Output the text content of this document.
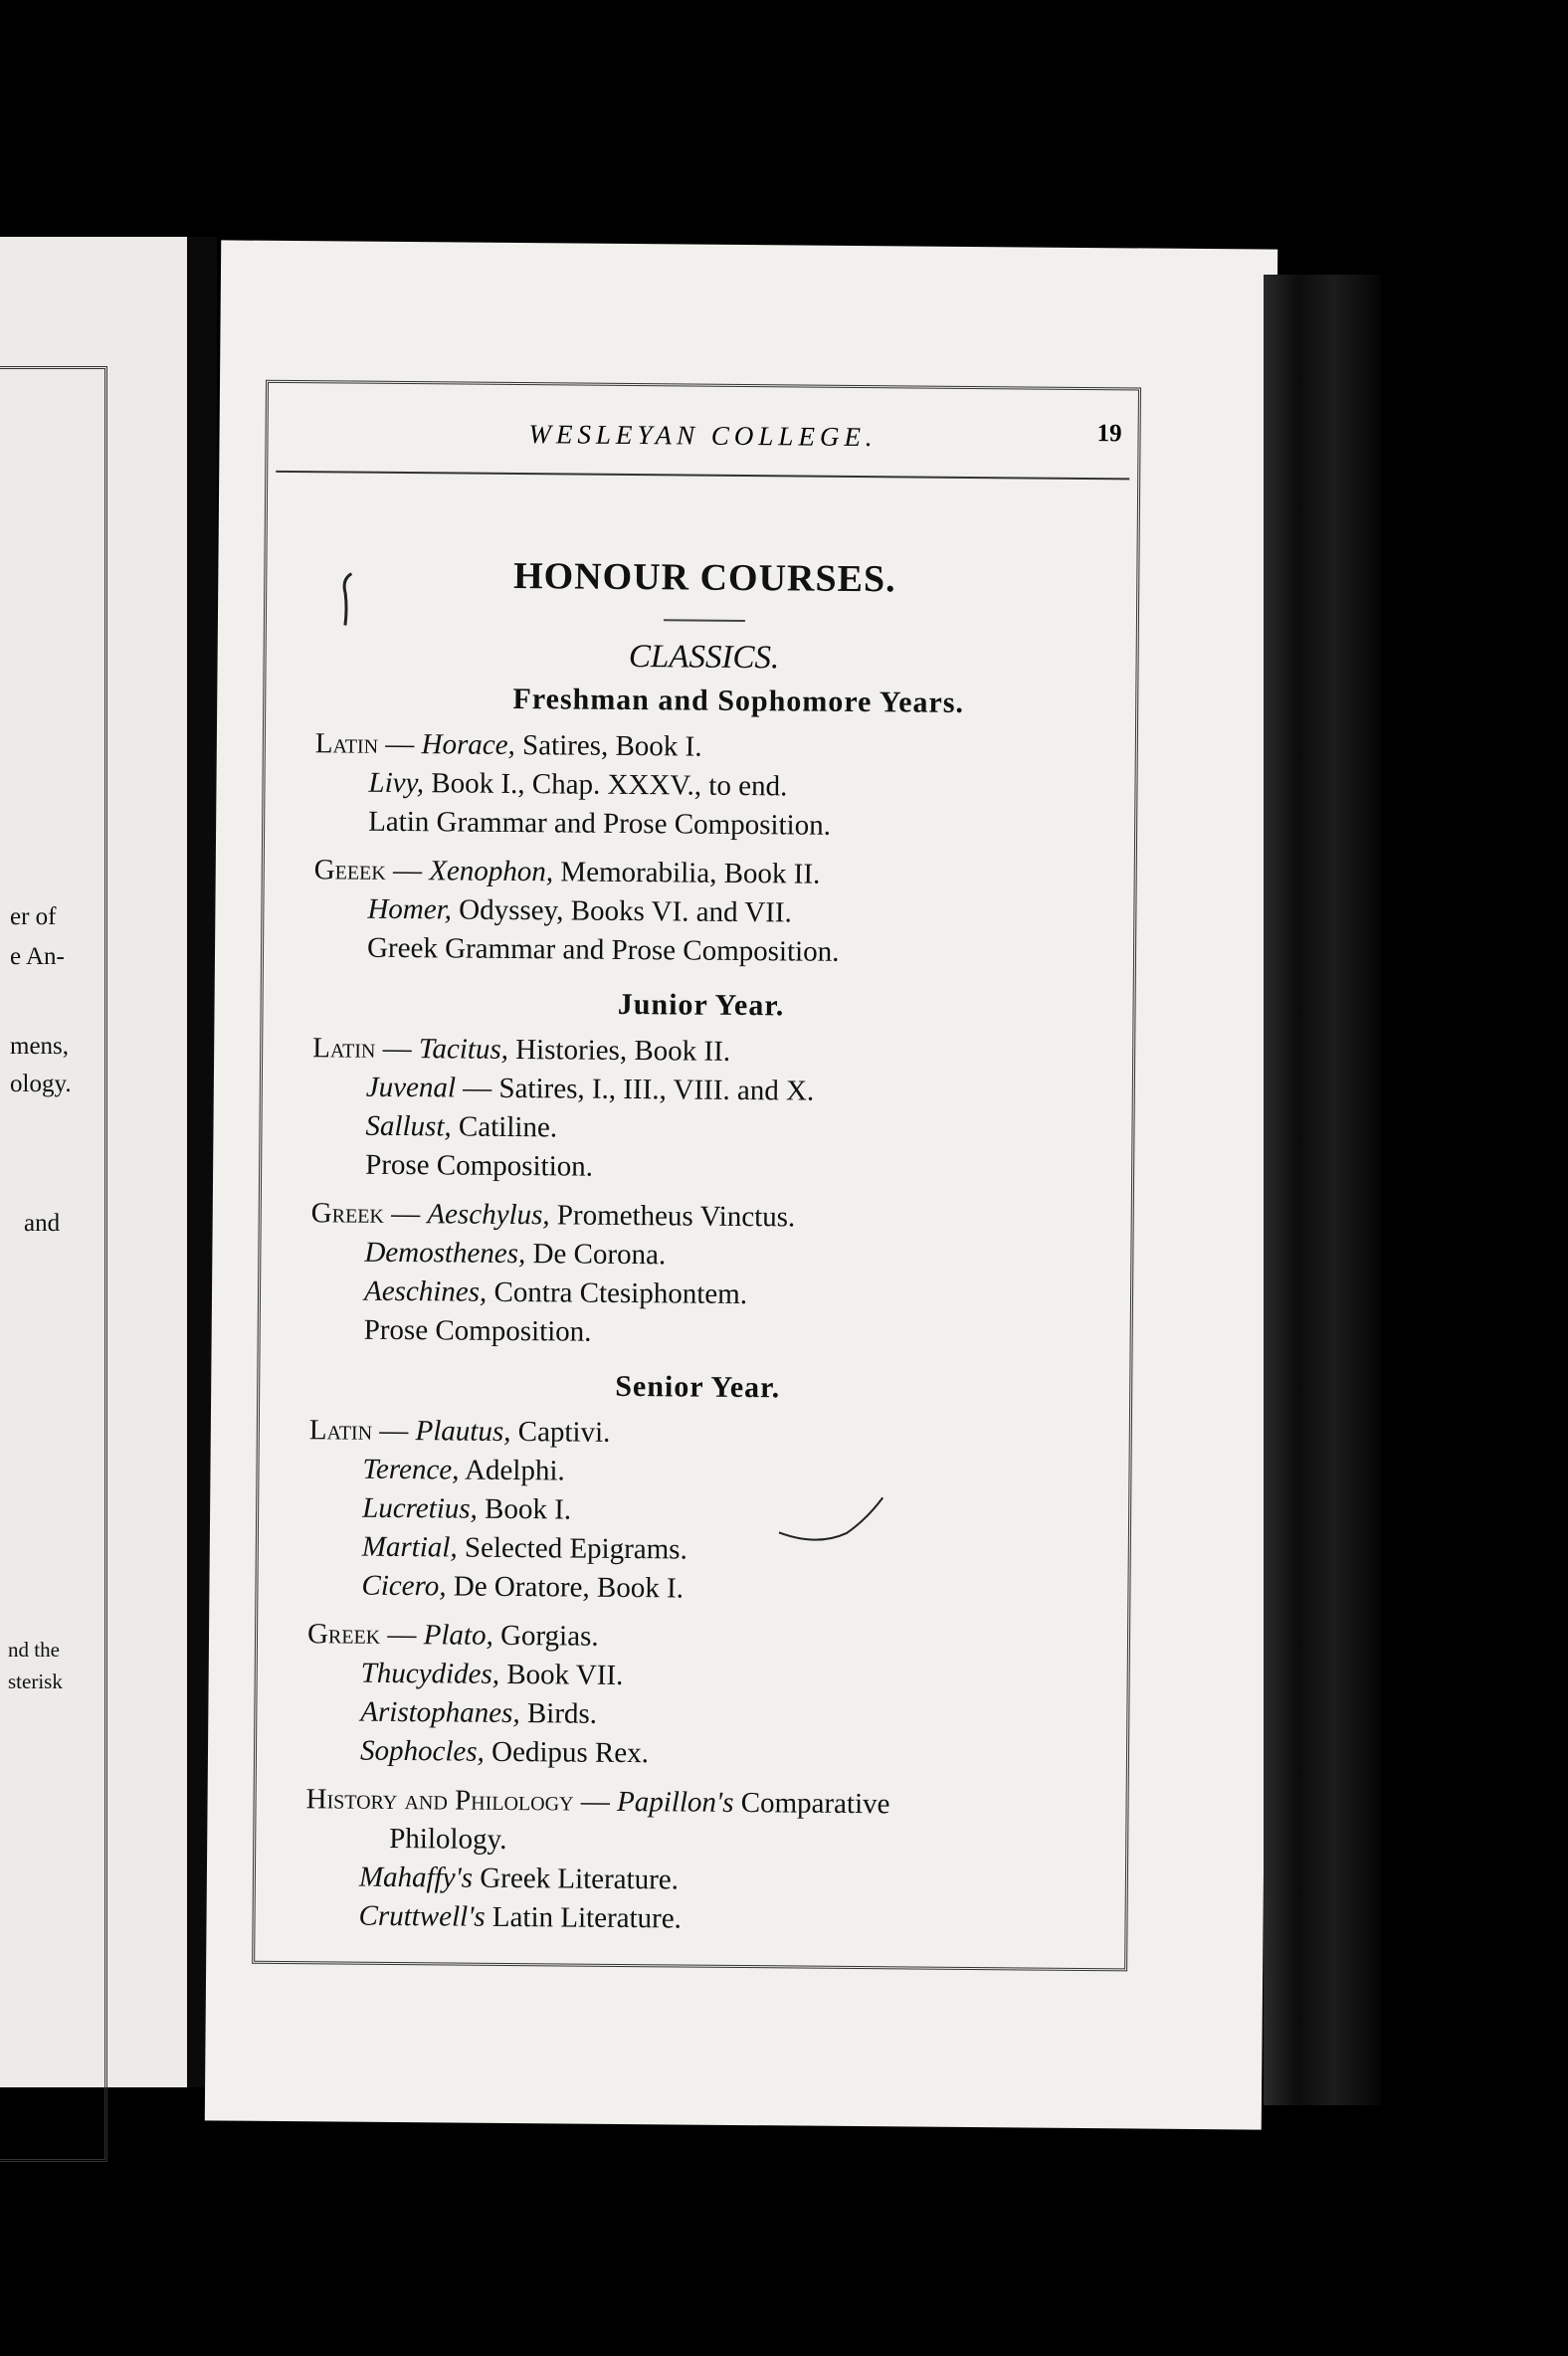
er of
e An-
mens,
ology.
and
nd the
sterisk
WESLEYAN COLLEGE.	19
HONOUR COURSES.
CLASSICS.
Freshman and Sophomore Years.
Latin — Horace, Satires, Book I.
Livy, Book I., Chap. XXXV., to end.
Latin Grammar and Prose Composition.
Geeek — Xenophon, Memorabilia, Book II.
Homer, Odyssey, Books VI. and VII.
Greek Grammar and Prose Composition.
Junior Year.
Latin — Tacitus, Histories, Book II.
Juvenal — Satires, I., III., VIII. and X.
Sallust, Catiline.
Prose Composition.
Greek — Aeschylus, Prometheus Vinctus.
Demosthenes, De Corona.
Aeschines, Contra Ctesiphontem.
Prose Composition.
Senior Year.
Latin — Plautus, Captivi.
Terence, Adelphi.
Lucretius, Book I.
Martial, Selected Epigrams.
Cicero, De Oratore, Book I.
Greek — Plato, Gorgias.
Thucydides, Book VII.
Aristophanes, Birds.
Sophocles, Oedipus Rex.
History and Philology — Papillon's Comparative
Philology.
Mahaffy's Greek Literature.
Cruttwell's Latin Literature.
